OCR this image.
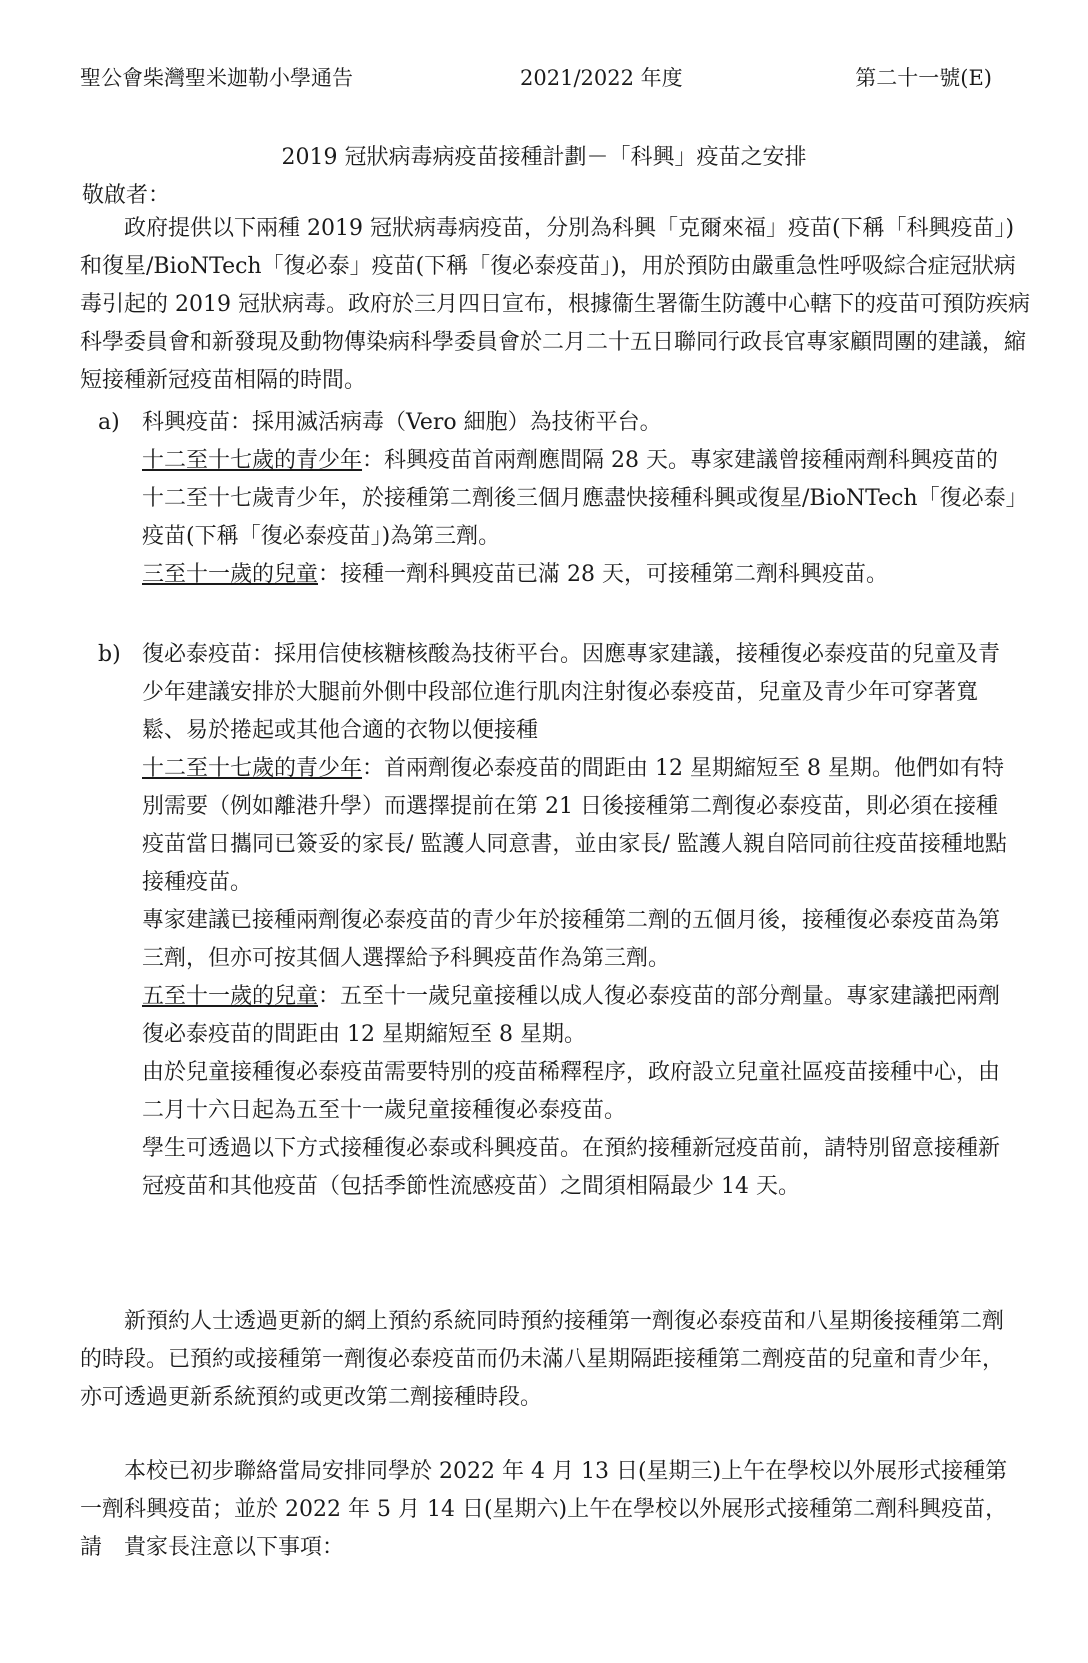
聖公會柴灣聖米迦勒小學通告	2021/2022 年度	第二十一號(E)
2019 冠狀病毒病疫苗接種計劃－「科興」疫苗之安排
敬啟者：

政府提供以下兩種 2019 冠狀病毒病疫苗，分別為科興「克爾來福」疫苗(下稱「科興疫苗」) 和復星/BioNTech「復必泰」疫苗(下稱「復必泰疫苗」)，用於預防由嚴重急性呼吸綜合症冠狀病毒引起的 2019 冠狀病毒。政府於三月四日宣布，根據衞生署衞生防護中心轄下的疫苗可預防疾病科學委員會和新發現及動物傳染病科學委員會於二月二十五日聯同行政長官專家顧問團的建議，縮短接種新冠疫苗相隔的時間。

a)	科興疫苗：採用滅活病毒（Vero 細胞）為技術平台。

十二至十七歲的青少年：科興疫苗首兩劑應間隔 28 天。專家建議曾接種兩劑科興疫苗的十二至十七歲青少年，於接種第二劑後三個月應盡快接種科興或復星/BioNTech「復必泰」疫苗(下稱「復必泰疫苗」)為第三劑。

三至十一歲的兒童：接種一劑科興疫苗已滿 28 天，可接種第二劑科興疫苗。

b) 復必泰疫苗：採用信使核糖核酸為技術平台。因應專家建議，接種復必泰疫苗的兒童及青少年建議安排於大腿前外側中段部位進行肌肉注射復必泰疫苗，兒童及青少年可穿著寬鬆、易於捲起或其他合適的衣物以便接種

十二至十七歲的青少年：首兩劑復必泰疫苗的間距由 12 星期縮短至 8 星期。他們如有特別需要（例如離港升學）而選擇提前在第 21 日後接種第二劑復必泰疫苗，則必須在接種疫苗當日攜同已簽妥的家長/ 監護人同意書，並由家長/ 監護人親自陪同前往疫苗接種地點接種疫苗。

專家建議已接種兩劑復必泰疫苗的青少年於接種第二劑的五個月後，接種復必泰疫苗為第三劑，但亦可按其個人選擇給予科興疫苗作為第三劑。

五至十一歲的兒童：五至十一歲兒童接種以成人復必泰疫苗的部分劑量。專家建議把兩劑復必泰疫苗的間距由 12 星期縮短至 8 星期。

由於兒童接種復必泰疫苗需要特別的疫苗稀釋程序，政府設立兒童社區疫苗接種中心，由二月十六日起為五至十一歲兒童接種復必泰疫苗。

學生可透過以下方式接種復必泰或科興疫苗。在預約接種新冠疫苗前，請特別留意接種新冠疫苗和其他疫苗（包括季節性流感疫苗）之間須相隔最少 14 天。

新預約人士透過更新的網上預約系統同時預約接種第一劑復必泰疫苗和八星期後接種第二劑的時段。已預約或接種第一劑復必泰疫苗而仍未滿八星期隔距接種第二劑疫苗的兒童和青少年，亦可透過更新系統預約或更改第二劑接種時段。

本校已初步聯絡當局安排同學於 2022 年 4 月 13 日(星期三)上午在學校以外展形式接種第一劑科興疫苗；並於 2022 年 5 月 14 日(星期六)上午在學校以外展形式接種第二劑科興疫苗，請　貴家長注意以下事項：
